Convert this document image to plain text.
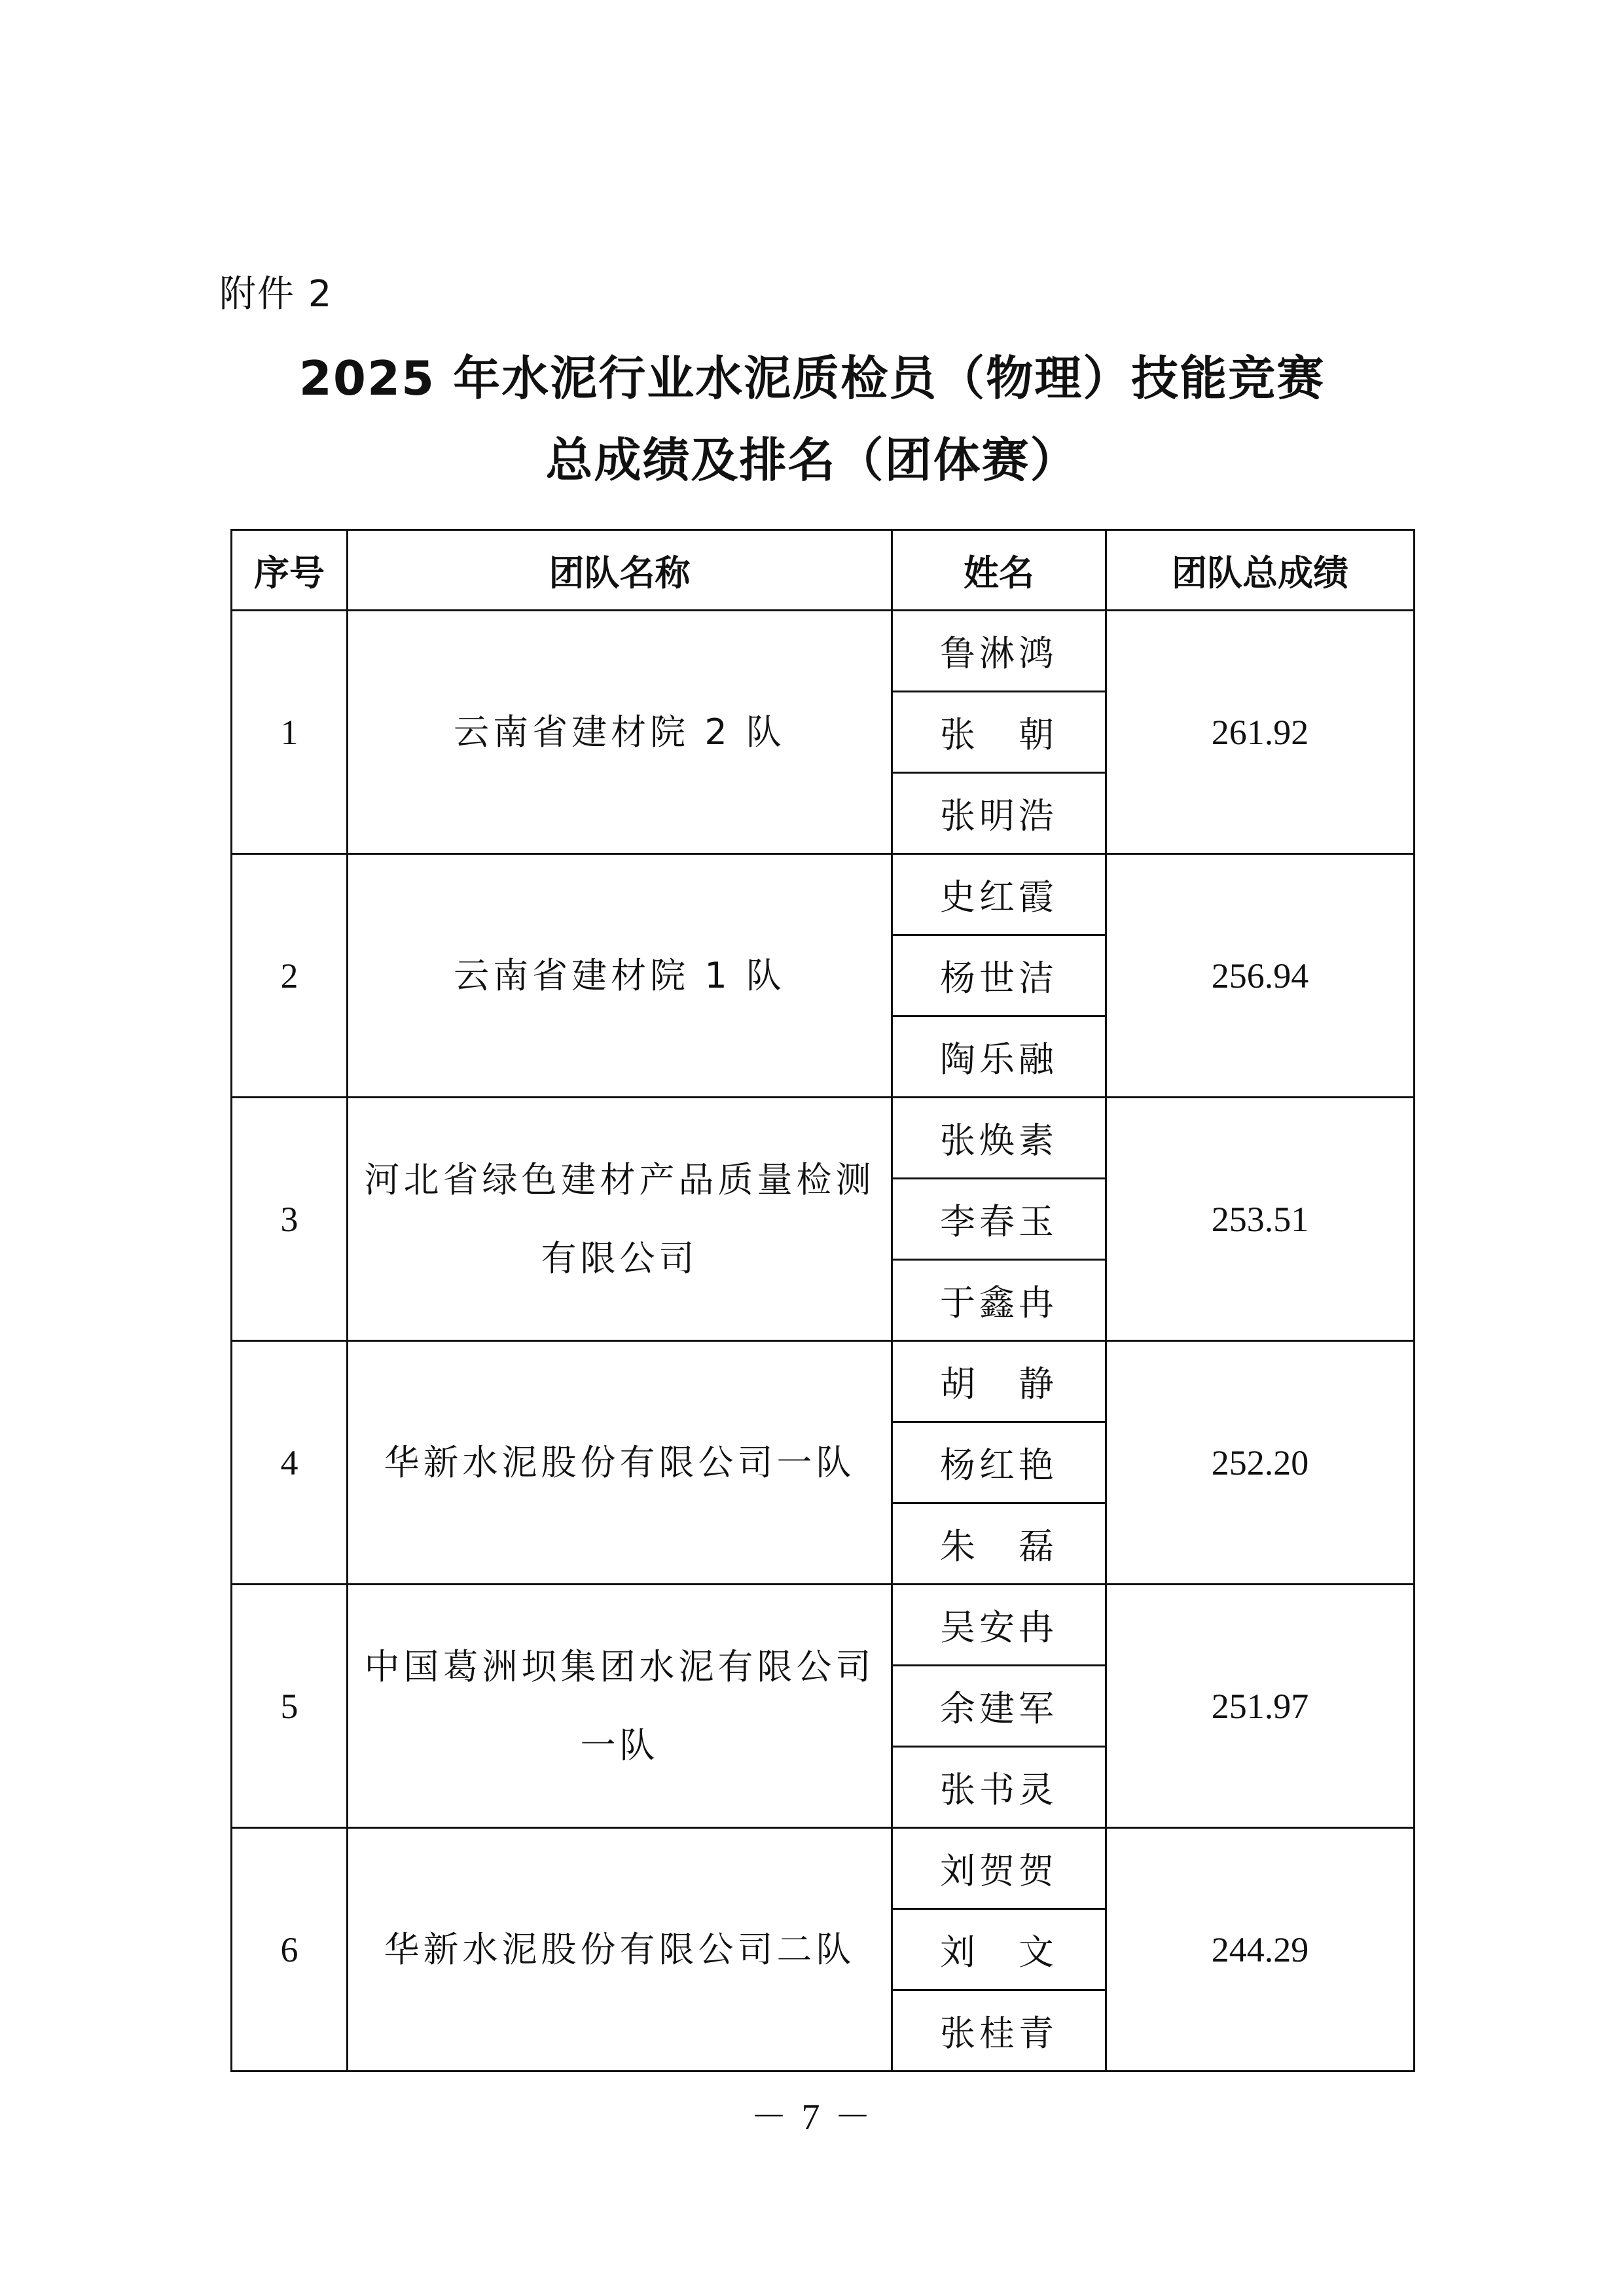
附件 2
2025 年水泥行业水泥质检员（物理）技能竞赛
总成绩及排名（团体赛）
序号	团队名称	姓名	团队总成绩
1	云南省建材院 2 队	鲁淋鸿	261.92
		张　朝	
		张明浩	
2	云南省建材院 1 队	史红霞	256.94
		杨世洁	
		陶乐融	
3	河北省绿色建材产品质量检测有限公司	张焕素	253.51
		李春玉	
		于鑫冉	
4	华新水泥股份有限公司一队	胡　静	252.20
		杨红艳	
		朱　磊	
5	中国葛洲坝集团水泥有限公司一队	吴安冉	251.97
		余建军	
		张书灵	
6	华新水泥股份有限公司二队	刘贺贺	244.29
		刘　文	
		张桂青	
－ 7 －
